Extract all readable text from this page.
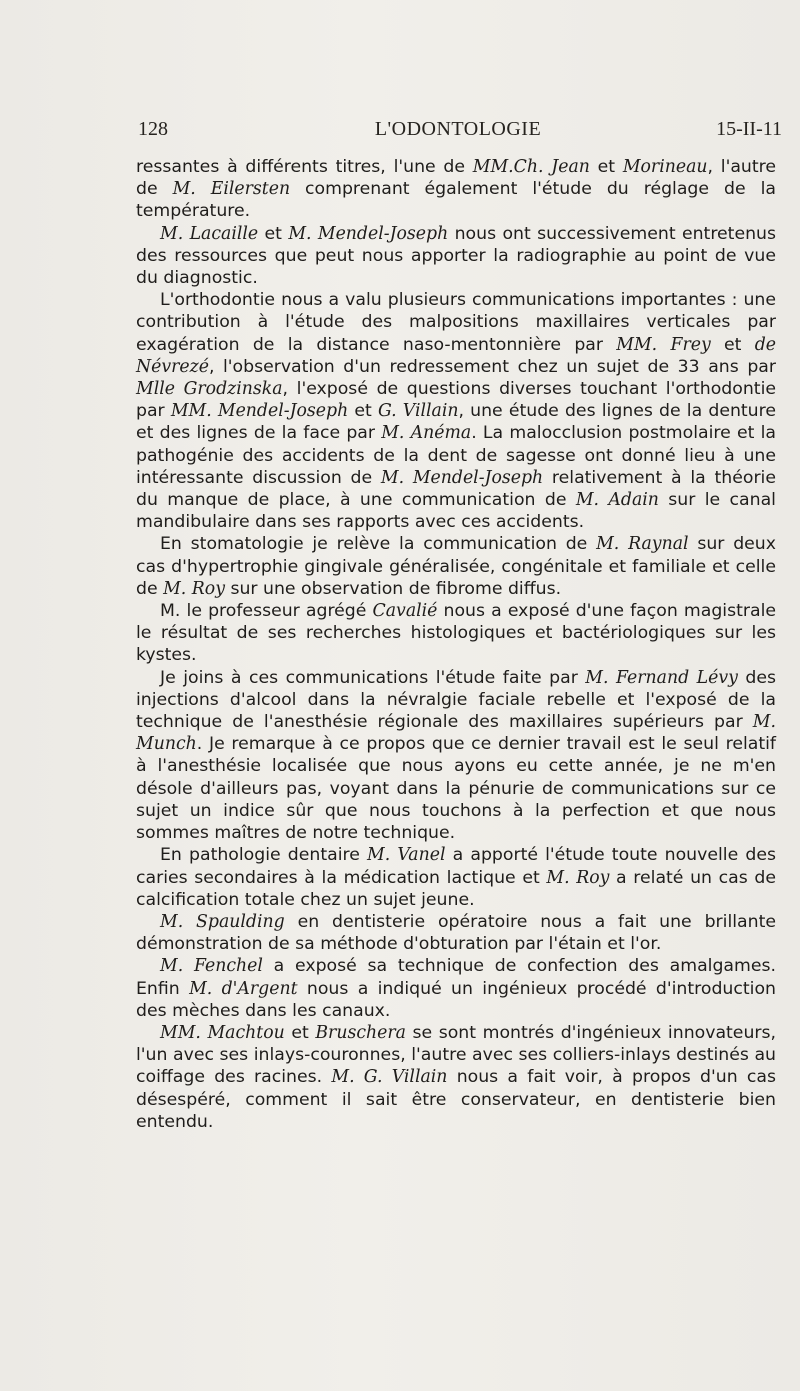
128	L'ODONTOLOGIE	15-II-11

ressantes à différents titres, l'une de MM.Ch. Jean et Morineau, l'autre de M. Eilersten comprenant également l'étude du réglage de la température.

M. Lacaille et M. Mendel-Joseph nous ont successivement entretenus des ressources que peut nous apporter la radiographie au point de vue du diagnostic.

L'orthodontie nous a valu plusieurs communications importantes : une contribution à l'étude des malpositions maxillaires verticales par exagération de la distance naso-mentonnière par MM. Frey et de Névrezé, l'observation d'un redressement chez un sujet de 33 ans par Mlle Grodzinska, l'exposé de questions diverses touchant l'orthodontie par MM. Mendel-Joseph et G. Villain, une étude des lignes de la denture et des lignes de la face par M. Anéma. La malocclusion postmolaire et la pathogénie des accidents de la dent de sagesse ont donné lieu à une intéressante discussion de M. Mendel-Joseph relativement à la théorie du manque de place, à une communication de M. Adain sur le canal mandibulaire dans ses rapports avec ces accidents.

En stomatologie je relève la communication de M. Raynal sur deux cas d'hypertrophie gingivale généralisée, congénitale et familiale et celle de M. Roy sur une observation de fibrome diffus.

M. le professeur agrégé Cavalié nous a exposé d'une façon magistrale le résultat de ses recherches histologiques et bactériologiques sur les kystes.

Je joins à ces communications l'étude faite par M. Fernand Lévy des injections d'alcool dans la névralgie faciale rebelle et l'exposé de la technique de l'anesthésie régionale des maxillaires supérieurs par M. Munch. Je remarque à ce propos que ce dernier travail est le seul relatif à l'anesthésie localisée que nous ayons eu cette année, je ne m'en désole d'ailleurs pas, voyant dans la pénurie de communications sur ce sujet un indice sûr que nous touchons à la perfection et que nous sommes maîtres de notre technique.

En pathologie dentaire M. Vanel a apporté l'étude toute nouvelle des caries secondaires à la médication lactique et M. Roy a relaté un cas de calcification totale chez un sujet jeune.

M. Spaulding en dentisterie opératoire nous a fait une brillante démonstration de sa méthode d'obturation par l'étain et l'or.

M. Fenchel a exposé sa technique de confection des amalgames. Enfin M. d'Argent nous a indiqué un ingénieux procédé d'introduction des mèches dans les canaux.

MM. Machtou et Bruschera se sont montrés d'ingénieux innovateurs, l'un avec ses inlays-couronnes, l'autre avec ses colliers-inlays destinés au coiffage des racines. M. G. Villain nous a fait voir, à propos d'un cas désespéré, comment il sait être conservateur, en dentisterie bien entendu.
